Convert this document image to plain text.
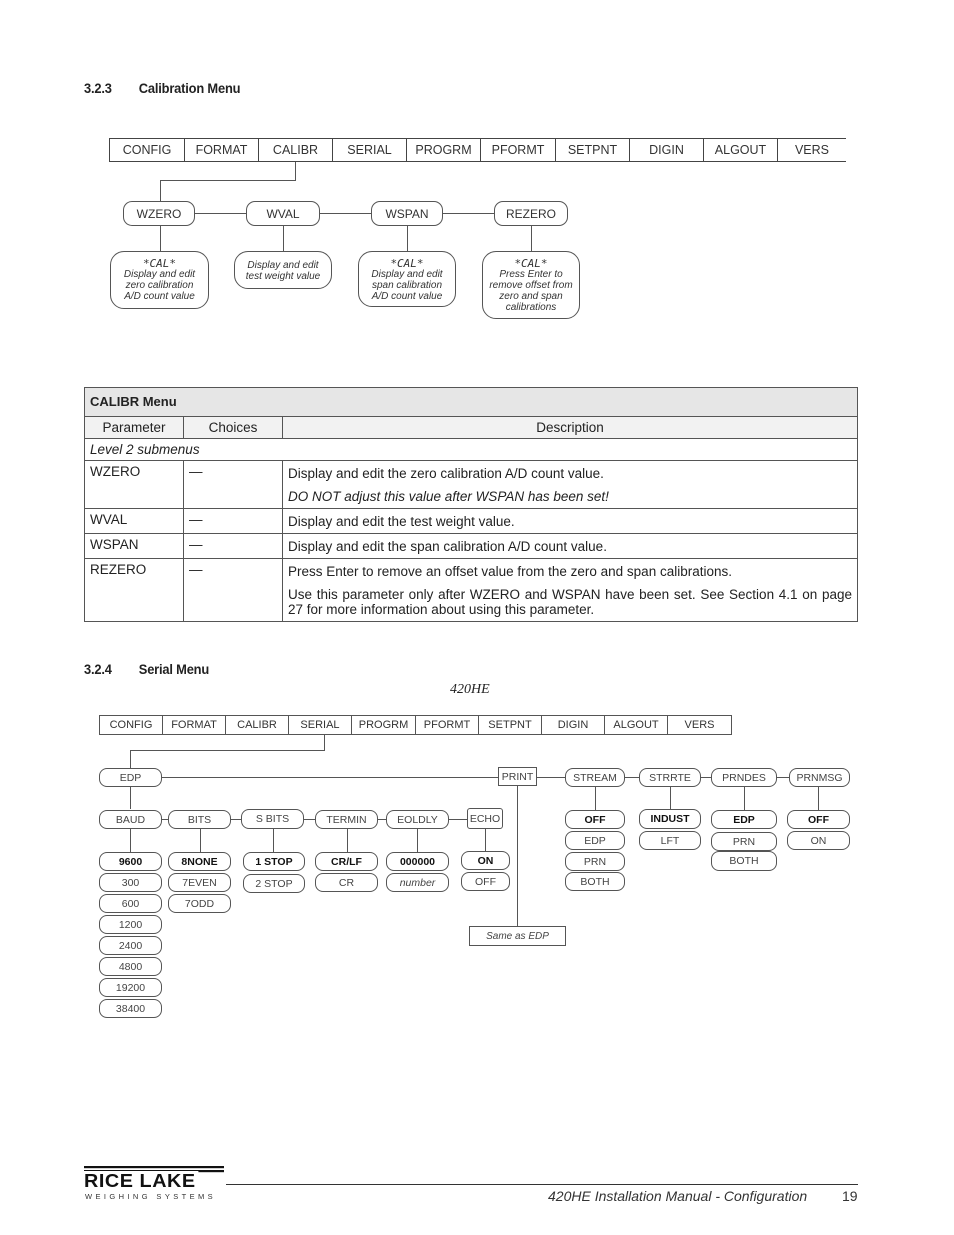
3.2.3 Calibration Menu
CONFIG	FORMAT	CALIBR	SERIAL	PROGRM	PFORMT	SETPNT	DIGIN	ALGOUT	VERS
WZERO	WVAL	WSPAN	REZERO
*CAL*
Display and edit
zero calibration
A/D count value
Display and edit
test weight value
*CAL*
Display and edit
span calibration
A/D count value
*CAL*
Press Enter to
remove offset from
zero and span
calibrations
CALIBR Menu		
Parameter	Choices	Description
Level 2 submenus		
WZERO	—	Display and edit the zero calibration A/D count value.

DO NOT adjust this value after WSPAN has been set!

WVAL	—	Display and edit the test weight value.

WSPAN	—	Display and edit the span calibration A/D count value.

REZERO	—	Press Enter to remove an offset value from the zero and span calibrations.

Use this parameter only after WZERO and WSPAN have been set. See Section 4.1 on page 27 for more information about using this parameter.

3.2.4 Serial Menu
420HE
CONFIG	FORMAT	CALIBR	SERIAL	PROGRM	PFORMT	SETPNT	DIGIN	ALGOUT	VERS
EDP	PRINT	STREAM	STRRTE	PRNDES	PRNMSG
BAUD	BITS	S BITS	TERMIN	EOLDLY	ECHO
9600
300
600
1200
2400
4800
19200
38400
8NONE
7EVEN
7ODD
1 STOP
2 STOP
CR/LF
CR
000000
number
ON
OFF
OFF
EDP
PRN
BOTH
INDUST
LFT
EDP
PRN
BOTH
OFF
ON
Same as EDP
RICE LAKE
WEIGHING SYSTEMS	420HE Installation Manual - Configuration 19
